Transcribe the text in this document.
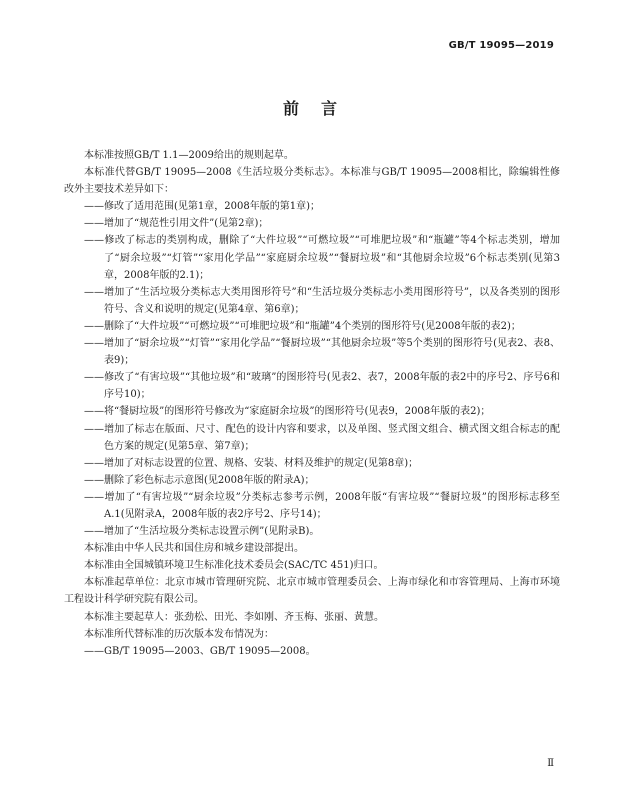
GB/T 19095—2019
前言

本标准按照GB/T 1.1—2009给出的规则起草。

本标准代替GB/T 19095—2008《生活垃圾分类标志》。本标准与GB/T 19095—2008相比，除编辑性修改外主要技术差异如下：

——修改了适用范围(见第1章，2008年版的第1章)；

——增加了“规范性引用文件”(见第2章)；

——修改了标志的类别构成，删除了“大件垃圾”“可燃垃圾”“可堆肥垃圾”和“瓶罐”等4个标志类别，增加了“厨余垃圾”“灯管”“家用化学品”“家庭厨余垃圾”“餐厨垃圾”和“其他厨余垃圾”6个标志类别(见第3章，2008年版的2.1)；

——增加了“生活垃圾分类标志大类用图形符号”和“生活垃圾分类标志小类用图形符号”，以及各类别的图形符号、含义和说明的规定(见第4章、第6章)；

——删除了“大件垃圾”“可燃垃圾”“可堆肥垃圾”和“瓶罐”4个类别的图形符号(见2008年版的表2)；

——增加了“厨余垃圾”“灯管”“家用化学品”“餐厨垃圾”“其他厨余垃圾”等5个类别的图形符号(见表2、表8、表9)；

——修改了“有害垃圾”“其他垃圾”和“玻璃”的图形符号(见表2、表7，2008年版的表2中的序号2、序号6和序号10)；

——将“餐厨垃圾”的图形符号修改为“家庭厨余垃圾”的图形符号(见表9，2008年版的表2)；

——增加了标志在版面、尺寸、配色的设计内容和要求，以及单图、竖式图文组合、横式图文组合标志的配色方案的规定(见第5章、第7章)；

——增加了对标志设置的位置、规格、安装、材料及维护的规定(见第8章)；

——删除了彩色标志示意图(见2008年版的附录A)；

——增加了“有害垃圾”“厨余垃圾”分类标志参考示例，2008年版“有害垃圾”“餐厨垃圾”的图形标志移至A.1(见附录A，2008年版的表2序号2、序号14)；

——增加了“生活垃圾分类标志设置示例”(见附录B)。

本标准由中华人民共和国住房和城乡建设部提出。

本标准由全国城镇环境卫生标准化技术委员会(SAC/TC 451)归口。

本标准起草单位：北京市城市管理研究院、北京市城市管理委员会、上海市绿化和市容管理局、上海市环境工程设计科学研究院有限公司。

本标准主要起草人：张劲松、田光、李如刚、齐玉梅、张丽、黄慧。

本标准所代替标准的历次版本发布情况为：

——GB/T 19095—2003、GB/T 19095—2008。

Ⅱ
